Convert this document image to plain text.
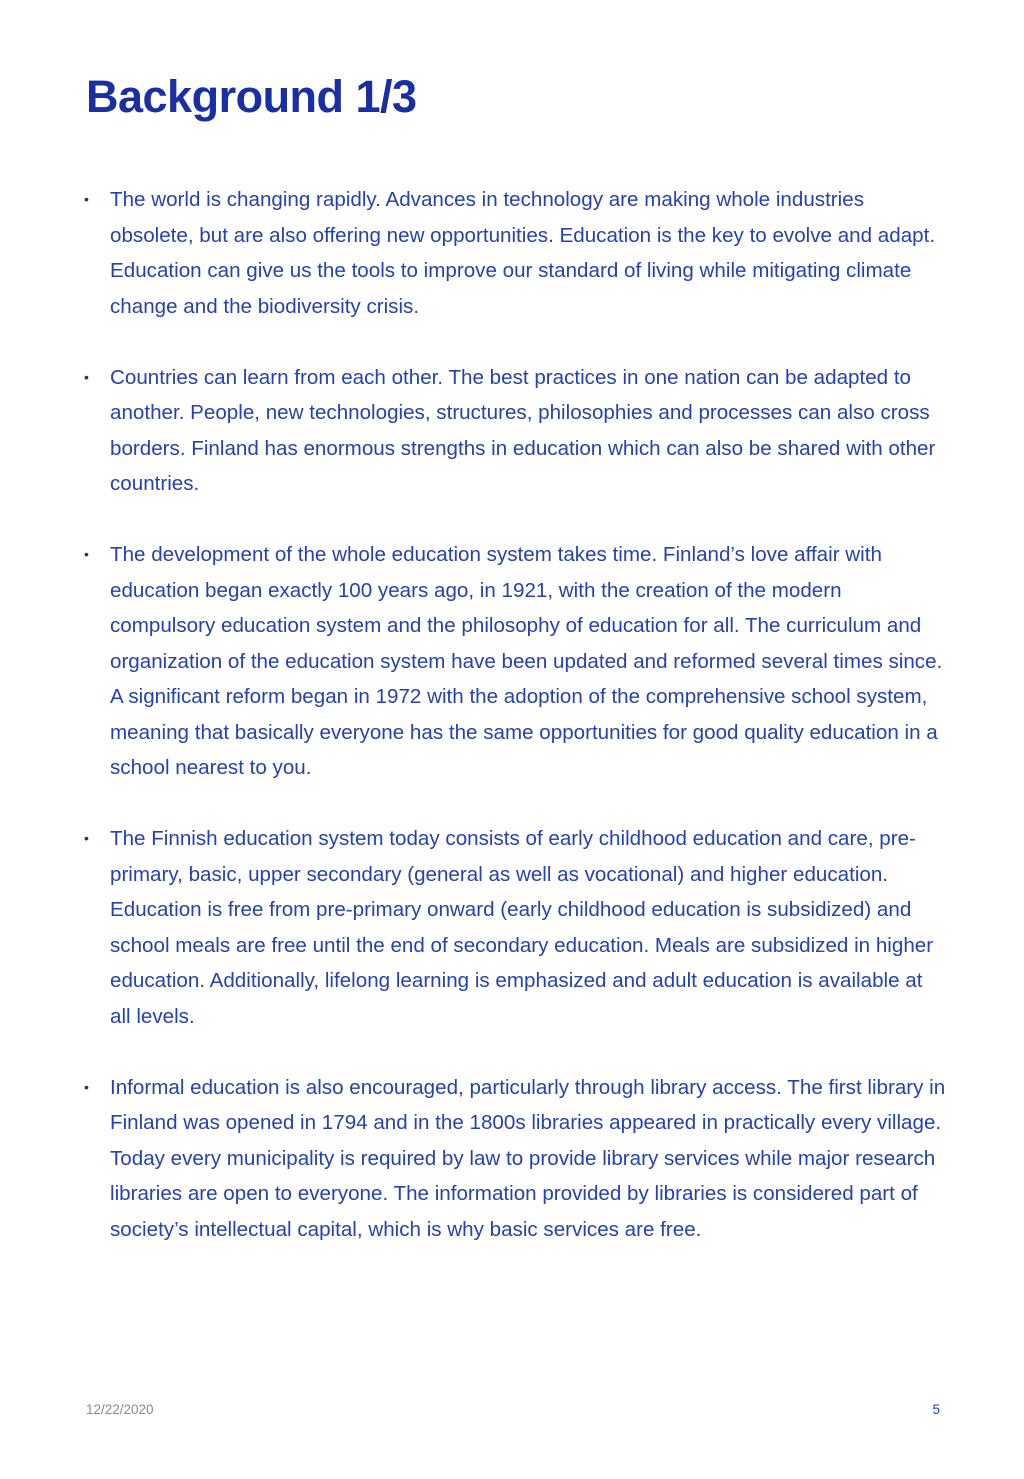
Background 1/3
• The world is changing rapidly. Advances in technology are making whole industries obsolete, but are also offering new opportunities. Education is the key to evolve and adapt. Education can give us the tools to improve our standard of living while mitigating climate change and the biodiversity crisis.
• Countries can learn from each other. The best practices in one nation can be adapted to another. People, new technologies, structures, philosophies and processes can also cross borders. Finland has enormous strengths in education which can also be shared with other countries.
• The development of the whole education system takes time. Finland’s love affair with education began exactly 100 years ago, in 1921, with the creation of the modern compulsory education system and the philosophy of education for all. The curriculum and organization of the education system have been updated and reformed several times since. A significant reform began in 1972 with the adoption of the comprehensive school system, meaning that basically everyone has the same opportunities for good quality education in a school nearest to you.
• The Finnish education system today consists of early childhood education and care, pre-primary, basic, upper secondary (general as well as vocational) and higher education. Education is free from pre-primary onward (early childhood education is subsidized) and school meals are free until the end of secondary education. Meals are subsidized in higher education. Additionally, lifelong learning is emphasized and adult education is available at all levels.
• Informal education is also encouraged, particularly through library access. The first library in Finland was opened in 1794 and in the 1800s libraries appeared in practically every village. Today every municipality is required by law to provide library services while major research libraries are open to everyone. The information provided by libraries is considered part of society’s intellectual capital, which is why basic services are free.
12/22/2020	5
